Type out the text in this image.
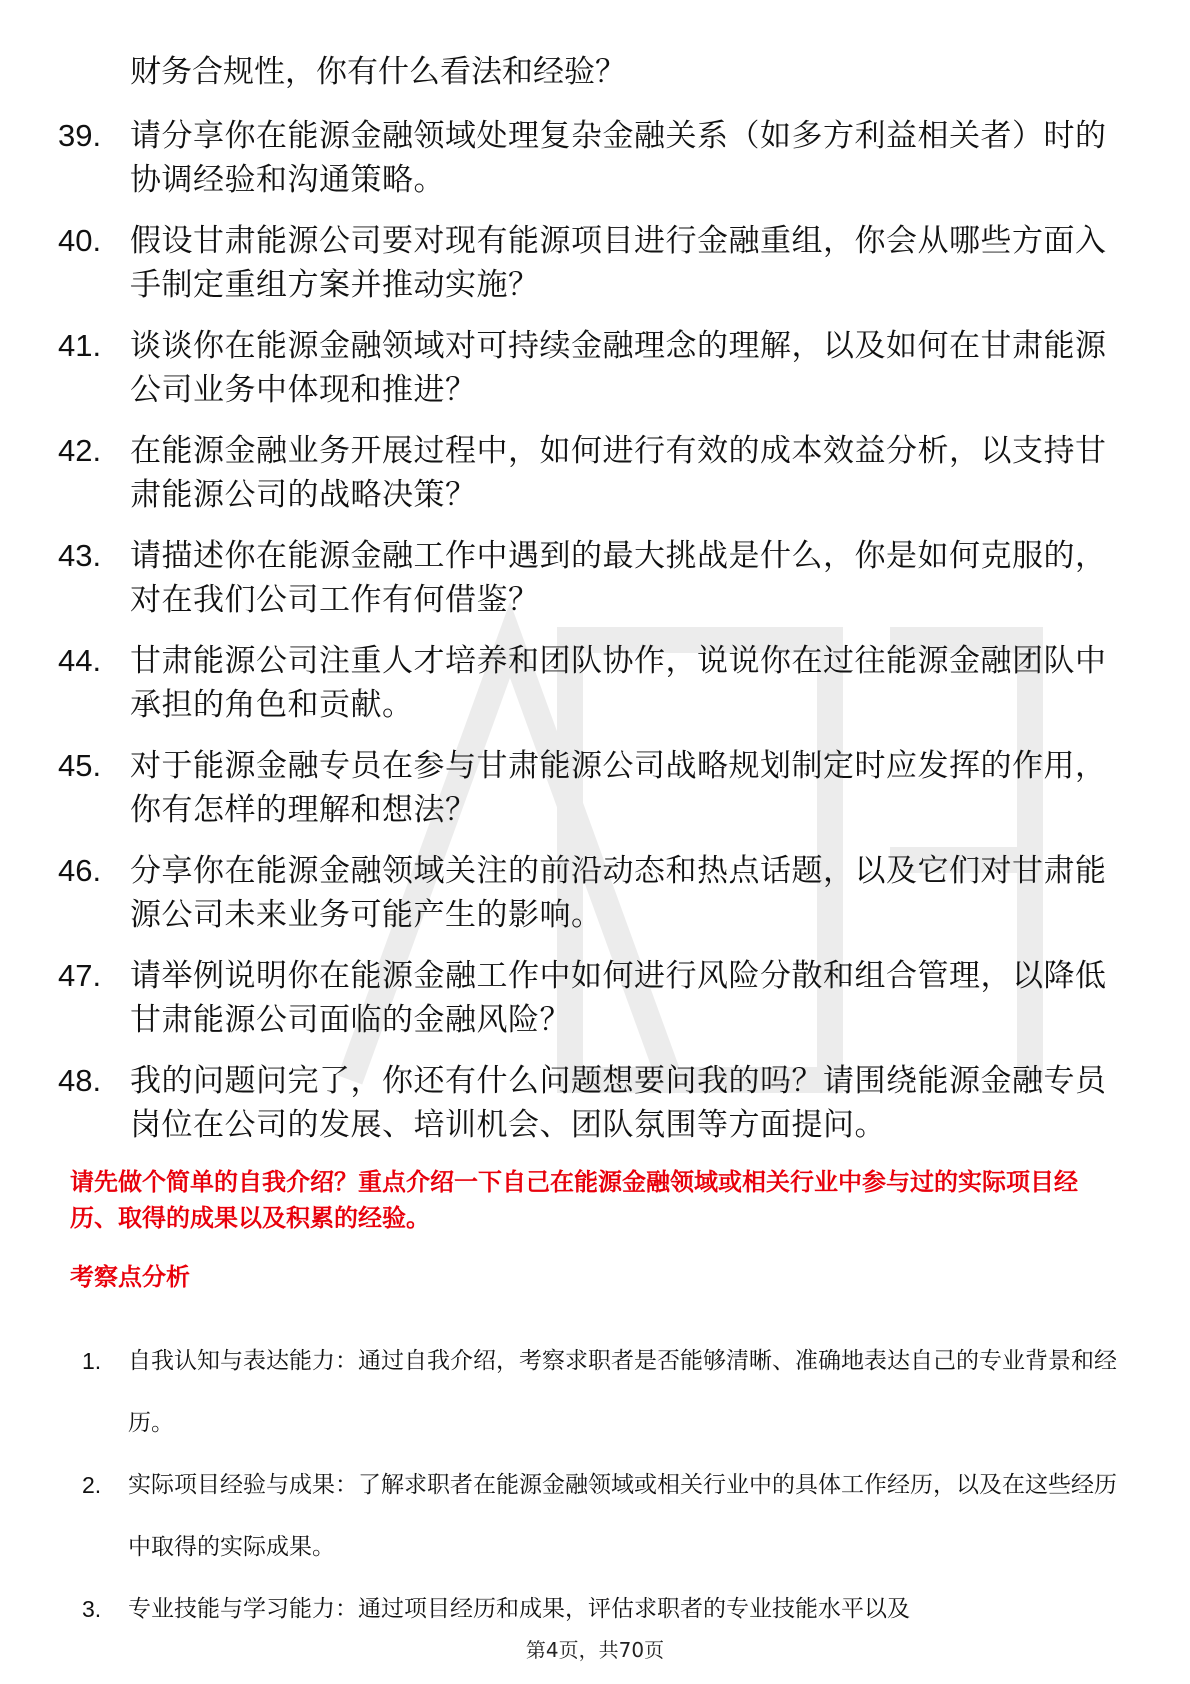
财务合规性，你有什么看法和经验？
39. 请分享你在能源金融领域处理复杂金融关系（如多方利益相关者）时的协调经验和沟通策略。
40. 假设甘肃能源公司要对现有能源项目进行金融重组，你会从哪些方面入手制定重组方案并推动实施？
41. 谈谈你在能源金融领域对可持续金融理念的理解，以及如何在甘肃能源公司业务中体现和推进？
42. 在能源金融业务开展过程中，如何进行有效的成本效益分析，以支持甘肃能源公司的战略决策？
43. 请描述你在能源金融工作中遇到的最大挑战是什么，你是如何克服的，对在我们公司工作有何借鉴？
44. 甘肃能源公司注重人才培养和团队协作，说说你在过往能源金融团队中承担的角色和贡献。
45. 对于能源金融专员在参与甘肃能源公司战略规划制定时应发挥的作用，你有怎样的理解和想法？
46. 分享你在能源金融领域关注的前沿动态和热点话题，以及它们对甘肃能源公司未来业务可能产生的影响。
47. 请举例说明你在能源金融工作中如何进行风险分散和组合管理，以降低甘肃能源公司面临的金融风险？
48. 我的问题问完了，你还有什么问题想要问我的吗？请围绕能源金融专员岗位在公司的发展、培训机会、团队氛围等方面提问。
请先做个简单的自我介绍？重点介绍一下自己在能源金融领域或相关行业中参与过的实际项目经历、取得的成果以及积累的经验。
考察点分析
1.	自我认知与表达能力：通过自我介绍，考察求职者是否能够清晰、准确地表达自己的专业背景和经历。
2.	实际项目经验与成果：了解求职者在能源金融领域或相关行业中的具体工作经历，以及在这些经历中取得的实际成果。
3.	专业技能与学习能力：通过项目经历和成果，评估求职者的专业技能水平以及
第4页，共70页
